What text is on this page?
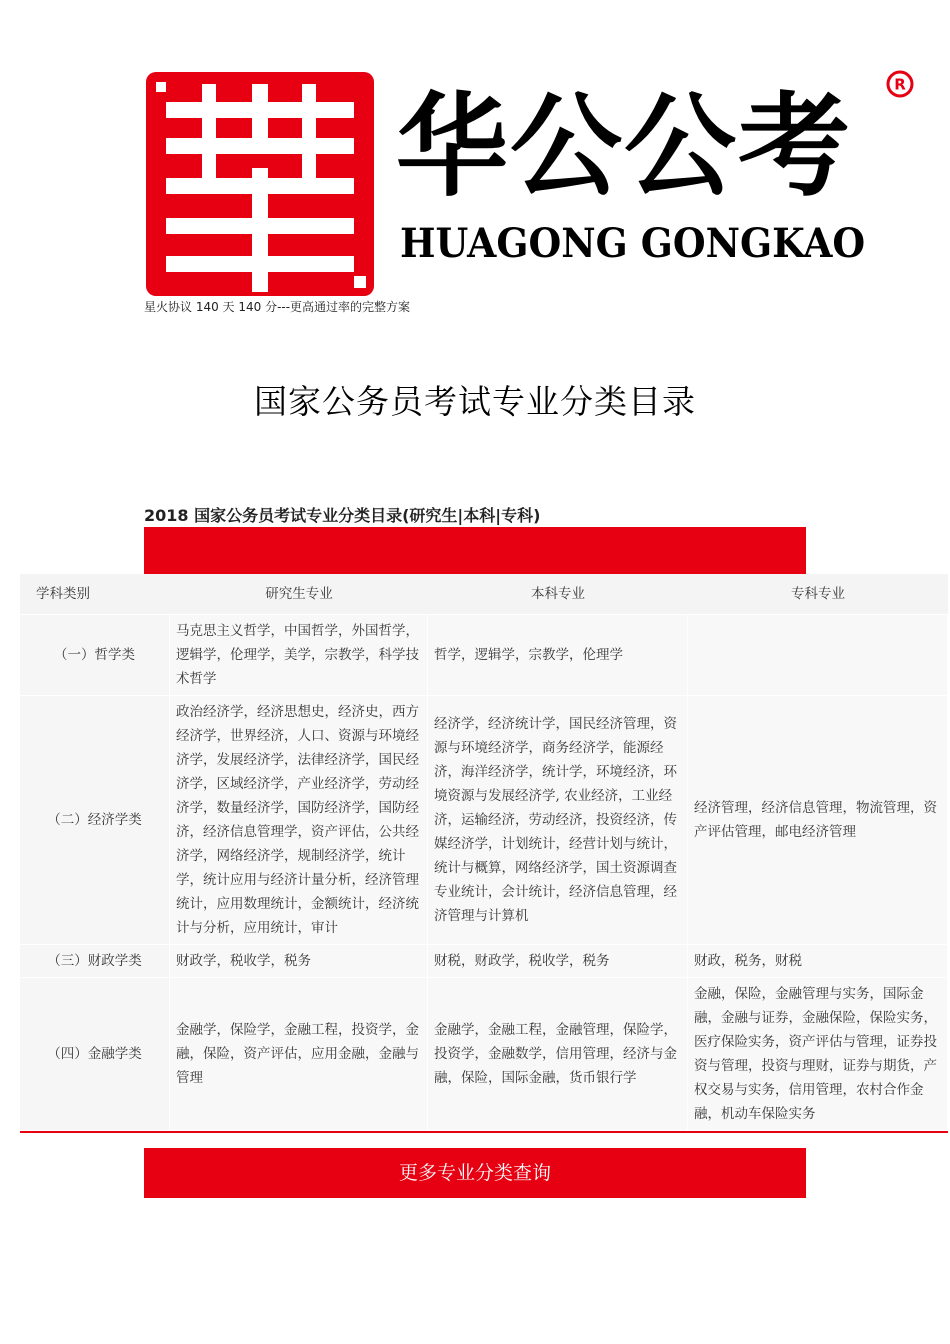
华公公考
HUAGONG GONGKAO
R
星火协议 140 天 140 分---更高通过率的完整方案
国家公务员考试专业分类目录
2018 国家公务员考试专业分类目录(研究生|本科|专科)
学科类别	研究生专业	本科专业	专科专业
（一）哲学类	马克思主义哲学，中国哲学，外国哲学，逻辑学，伦理学，美学，宗教学，科学技术哲学	哲学，逻辑学，宗教学，伦理学	
（二）经济学类	政治经济学，经济思想史，经济史，西方经济学，世界经济，人口、资源与环境经济学，发展经济学，法律经济学，国民经济学，区域经济学，产业经济学，劳动经济学，数量经济学，国防经济学，国防经济，经济信息管理学，资产评估，公共经济学，网络经济学，规制经济学，统计学，统计应用与经济计量分析，经济管理统计，应用数理统计，金额统计，经济统计与分析，应用统计，审计	经济学，经济统计学，国民经济管理，资源与环境经济学，商务经济学，能源经济，海洋经济学，统计学，环境经济，环境资源与发展经济学, 农业经济，工业经济，运输经济，劳动经济，投资经济，传媒经济学，计划统计，经营计划与统计，统计与概算，网络经济学，国土资源调查专业统计，会计统计，经济信息管理，经济管理与计算机	经济管理，经济信息管理，物流管理，资产评估管理，邮电经济管理
（三）财政学类	财政学，税收学，税务	财税，财政学，税收学，税务	财政，税务，财税
（四）金融学类	金融学，保险学，金融工程，投资学，金融，保险，资产评估，应用金融，金融与管理	金融学，金融工程，金融管理，保险学，投资学，金融数学，信用管理，经济与金融，保险，国际金融，货币银行学	金融，保险，金融管理与实务，国际金融，金融与证券，金融保险，保险实务，医疗保险实务，资产评估与管理，证券投资与管理，投资与理财，证券与期货，产权交易与实务，信用管理，农村合作金融，机动车保险实务
更多专业分类查询
